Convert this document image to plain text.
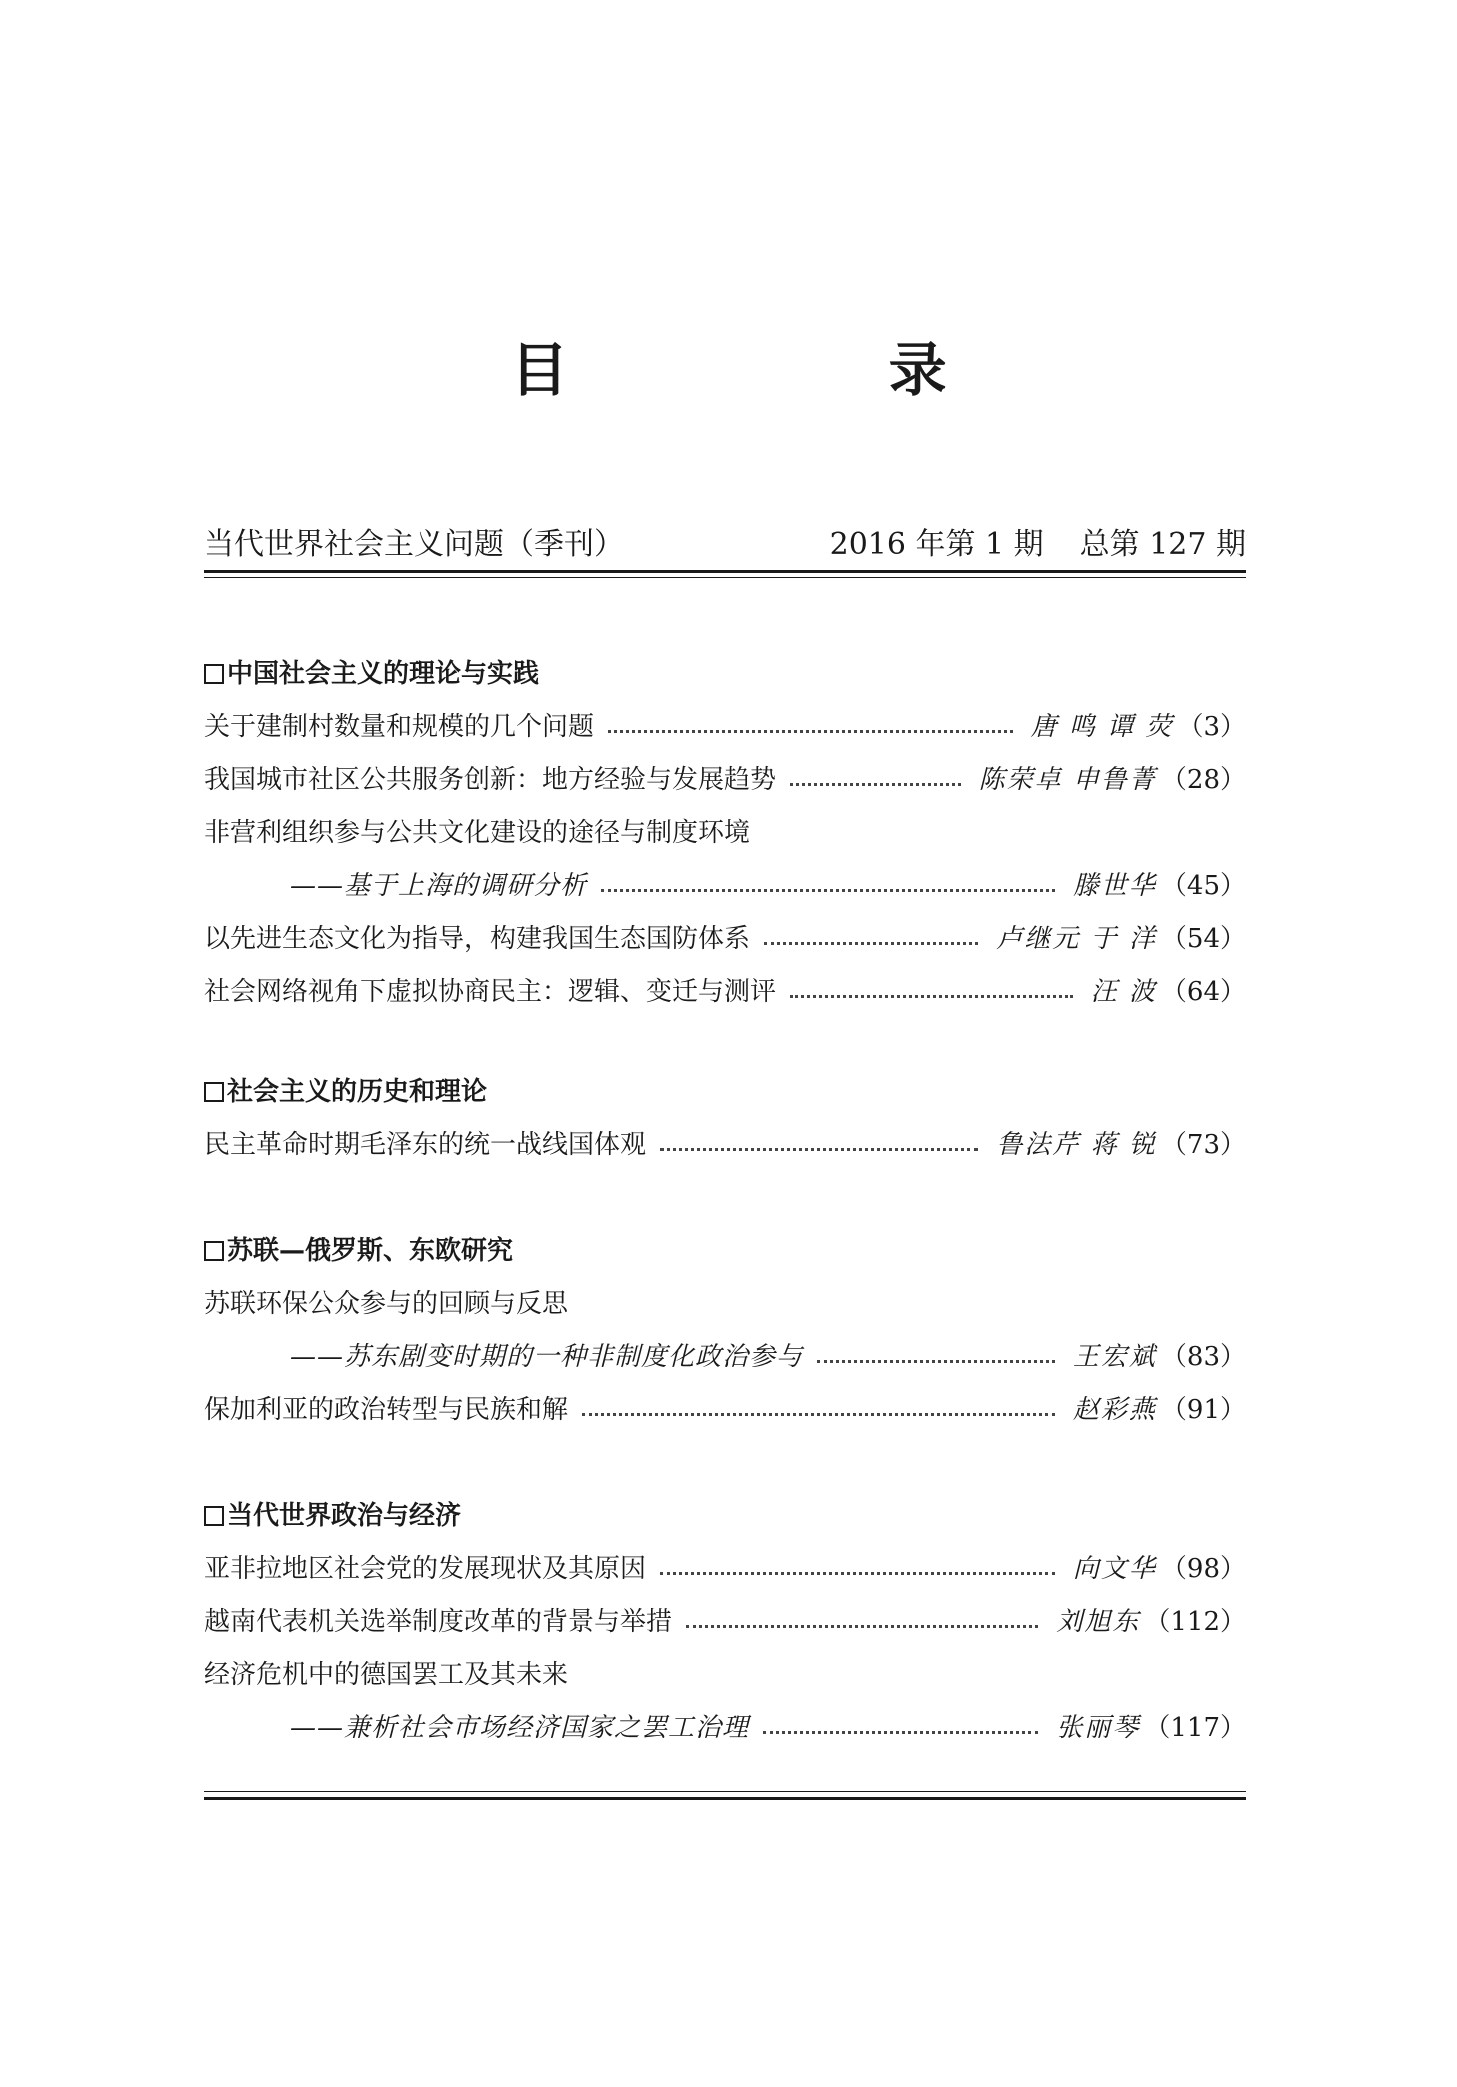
目 录
当代世界社会主义问题（季刊）	2016 年第 1 期 总第 127 期
中国社会主义的理论与实践
关于建制村数量和规模的几个问题	唐 鸣 谭 荧 （3）
我国城市社区公共服务创新：地方经验与发展趋势	陈荣卓 申鲁菁 （28）
非营利组织参与公共文化建设的途径与制度环境
——基于上海的调研分析	滕世华 （45）
以先进生态文化为指导，构建我国生态国防体系	卢继元 于 洋 （54）
社会网络视角下虚拟协商民主：逻辑、变迁与测评	汪 波 （64）
社会主义的历史和理论
民主革命时期毛泽东的统一战线国体观	鲁法芹 蒋 锐 （73）
苏联—俄罗斯、东欧研究
苏联环保公众参与的回顾与反思
——苏东剧变时期的一种非制度化政治参与	王宏斌 （83）
保加利亚的政治转型与民族和解	赵彩燕 （91）
当代世界政治与经济
亚非拉地区社会党的发展现状及其原因	向文华 （98）
越南代表机关选举制度改革的背景与举措	刘旭东 （112）
经济危机中的德国罢工及其未来
——兼析社会市场经济国家之罢工治理	张丽琴 （117）
